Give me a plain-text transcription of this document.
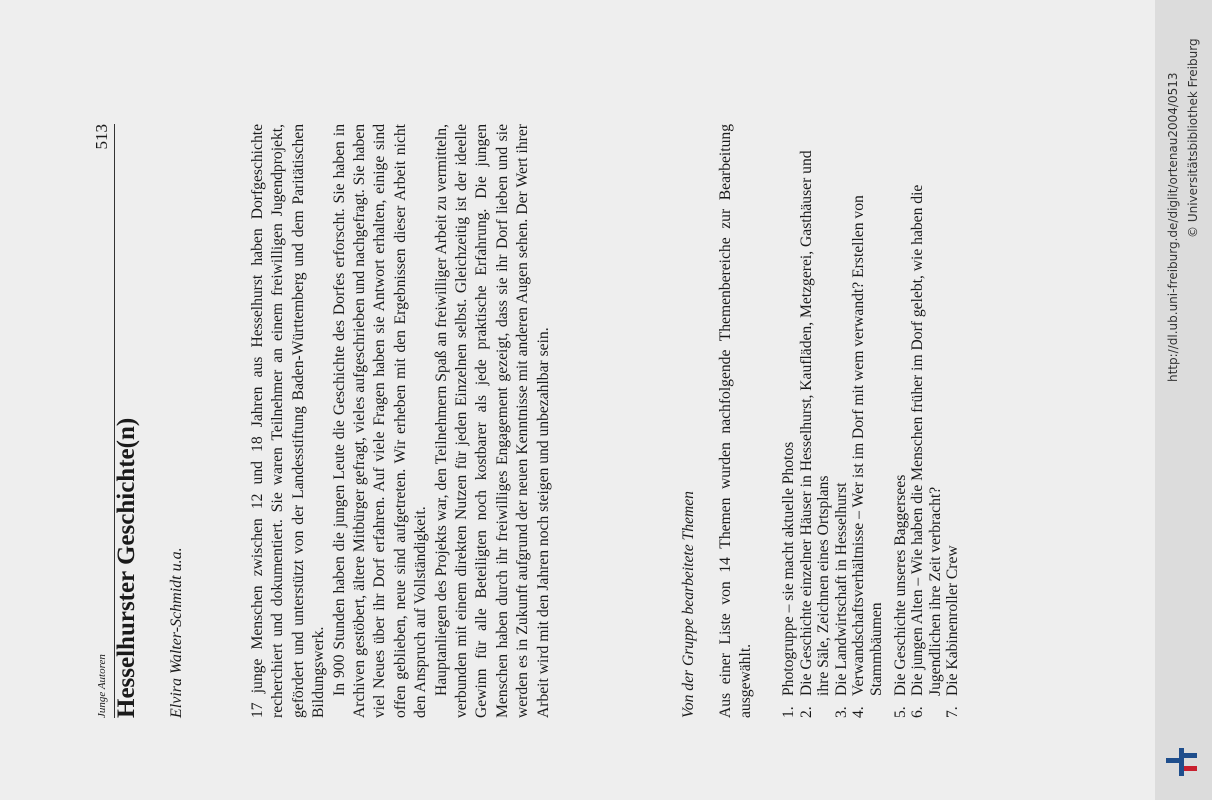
Junge Autoren
513
Hesselhurster Geschichte(n) Elvira Walter-Schmidt u.a.	17 junge Menschen zwischen 12 und 18 Jahren aus Hesselhurst haben Dorfgeschichte recherchiert und dokumentiert. Sie waren Teilnehmer an einem freiwilligen Jugendprojekt, gefördert und unterstützt von der Landesstiftung Baden-Württemberg und dem Paritätischen Bildungswerk. In 900 Stunden haben die jungen Leute die Geschichte des Dorfes erforscht. Sie haben in Archiven gestöbert, ältere Mitbürger gefragt, vieles aufgeschrieben und nachgefragt. Sie haben viel Neues über ihr Dorf erfahren. Auf viele Fragen haben sie Antwort erhalten, einige sind offen geblieben, neue sind aufgetreten. Wir erheben mit den Ergebnissen dieser Arbeit nicht den Anspruch auf Vollständigkeit. Hauptanliegen des Projekts war, den Teilnehmern Spaß an freiwilliger Arbeit zu vermitteln, verbunden mit einem direkten Nutzen für jeden Einzelnen selbst. Gleichzeitig ist der ideelle Gewinn für alle Beteiligten noch kostbarer als jede praktische Erfahrung. Die jungen Menschen haben durch ihr freiwilliges Engagement gezeigt, dass sie ihr Dorf lieben und sie werden es in Zukunft aufgrund der neuen Kenntnisse mit anderen Augen sehen. Der Wert ihrer Arbeit wird mit den Jahren noch steigen und unbezahlbar sein.	Von der Gruppe bearbeitete Themen Aus einer Liste von 14 Themen wurden nachfolgende Themenbereiche zur Bearbeitung ausgewählt. 1.
Photogruppe – sie macht aktuelle Photos
2.
Die Geschichte einzelner Häuser in Hesselhurst, Kaufläden, Metzgerei, Gasthäuser und ihre Säle, Zeichnen eines Ortsplans
3.
Die Landwirtschaft in Hesselhurst
4.
Verwandschaftsverhältnisse – Wer ist im Dorf mit wem verwandt? Erstellen von Stammbäumen
5.
Die Geschichte unseres Baggersees
6.
Die jungen Alten – Wie haben die Menschen früher im Dorf gelebt, wie haben die Jugendlichen ihre Zeit verbracht?
7.
Die Kabinenroller Crew
http://dl.ub.uni-freiburg.de/diglit/ortenau2004/0513 © Universitätsbibliothek Freiburg
